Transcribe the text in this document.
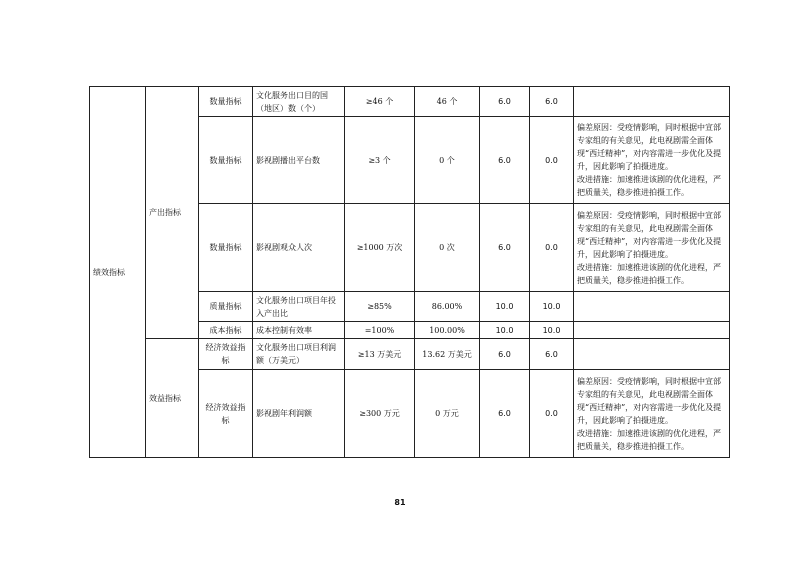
绩效指标	产出指标	数量指标	文化服务出口目的国（地区）数（个）	≥46 个	46 个	6.0	6.0	
		数量指标	影视剧播出平台数	≥3 个	0 个	6.0	0.0	偏差原因：受疫情影响，同时根据中宣部专家组的有关意见，此电视剧需全面体现“西迁精神”，对内容需进一步优化及提升，因此影响了拍摄进度。
改进措施：加速推进该剧的优化进程，严把质量关，稳步推进拍摄工作。
		数量指标	影视剧观众人次	≥1000 万次	0 次	6.0	0.0	偏差原因：受疫情影响，同时根据中宣部专家组的有关意见，此电视剧需全面体现“西迁精神”，对内容需进一步优化及提升，因此影响了拍摄进度。
改进措施：加速推进该剧的优化进程，严把质量关，稳步推进拍摄工作。
		质量指标	文化服务出口项目年投入产出比	≥85%	86.00%	10.0	10.0	
		成本指标	成本控制有效率	=100%	100.00%	10.0	10.0	
	效益指标	经济效益指标	文化服务出口项目利润额（万美元）	≥13 万美元	13.62 万美元	6.0	6.0	
		经济效益指标	影视剧年利润额	≥300 万元	0 万元	6.0	0.0	偏差原因：受疫情影响，同时根据中宣部专家组的有关意见，此电视剧需全面体现“西迁精神”，对内容需进一步优化及提升，因此影响了拍摄进度。
改进措施：加速推进该剧的优化进程，严把质量关，稳步推进拍摄工作。
81
